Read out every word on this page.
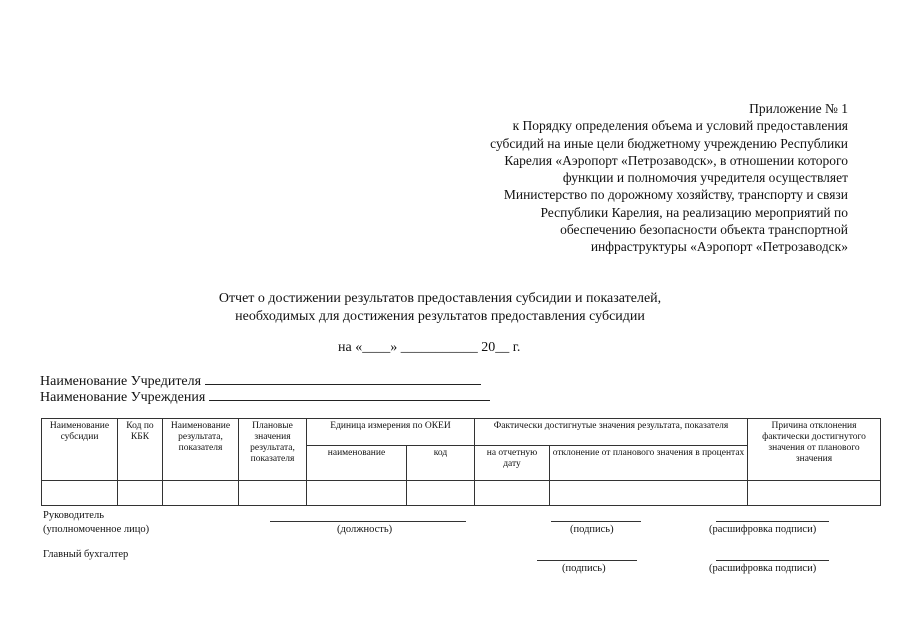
Приложение № 1
к Порядку определения объема и условий предоставления
субсидий на иные цели бюджетному учреждению Республики
Карелия «Аэропорт «Петрозаводск», в отношении которого
функции и полномочия учредителя осуществляет
Министерство по дорожному хозяйству, транспорту и связи
Республики Карелия, на реализацию мероприятий по
обеспечению безопасности объекта транспортной
инфраструктуры «Аэропорт «Петрозаводск»
Отчет о достижении результатов предоставления субсидии и показателей,
необходимых для достижения результатов предоставления субсидии
на «____» ___________ 20__ г.
Наименование Учредителя
Наименование Учреждения
Наименование субсидии	Код по КБК	Наименование результата, показателя	Плановые значения результата, показателя	Единица измерения по ОКЕИ		Фактически достигнутые значения результата, показателя		Причина отклонения фактически достигнутого значения от планового значения
				наименование	код	на отчетную дату	отклонение от планового значения в процентах	

Руководитель
(уполномоченное лицо)	(должность)	(подпись)	(расшифровка подписи)
Главный бухгалтер
(подпись)	(расшифровка подписи)
